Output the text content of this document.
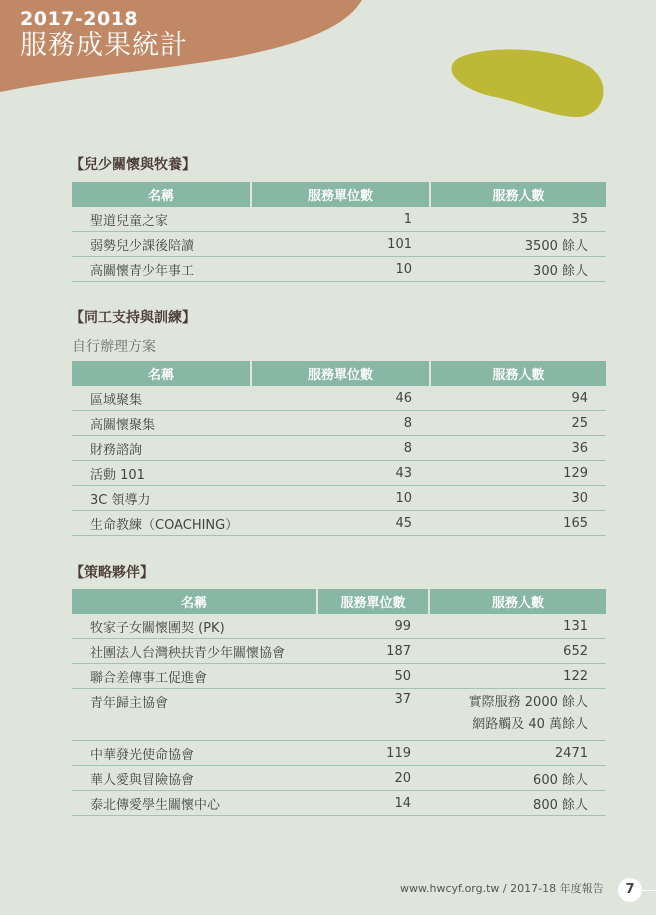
2017-2018
服務成果統計
【兒少關懷與牧養】
名稱	服務單位數	服務人數
聖道兒童之家	1	35
弱勢兒少課後陪讀	101	3500 餘人
高關懷青少年事工	10	300 餘人
【同工支持與訓練】
自行辦理方案
名稱	服務單位數	服務人數
區域聚集	46	94
高關懷聚集	8	25
財務諮詢	8	36
活動 101	43	129
3C 領導力	10	30
生命教練（COACHING）	45	165
【策略夥伴】
名稱	服務單位數	服務人數
牧家子女關懷團契 (PK)	99	131
社團法人台灣秧扶青少年關懷協會	187	652
聯合差傳事工促進會	50	122
青年歸主協會	37	實際服務 2000 餘人
網路觸及 40 萬餘人

中華發光使命協會	119	2471
華人愛與冒險協會	20	600 餘人
泰北傳愛學生關懷中心	14	800 餘人
www.hwcyf.org.tw / 2017-18 年度報告	7
